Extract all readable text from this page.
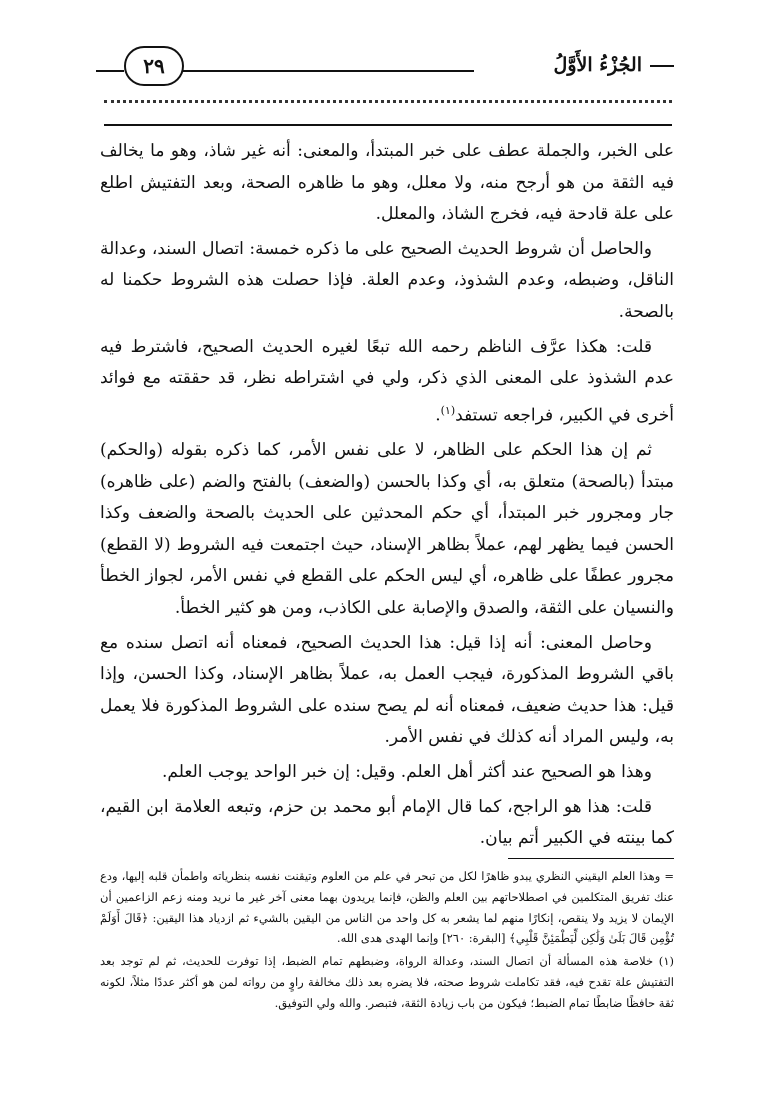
الجُزْءُ الأَوَّلُ
٢٩

على الخبر، والجملة عطف على خبر المبتدأ، والمعنى: أنه غير شاذ، وهو ما يخالف فيه الثقة من هو أرجح منه، ولا معلل، وهو ما ظاهره الصحة، وبعد التفتيش اطلع على علة قادحة فيه، فخرج الشاذ، والمعلل.

والحاصل أن شروط الحديث الصحيح على ما ذكره خمسة: اتصال السند، وعدالة الناقل، وضبطه، وعدم الشذوذ، وعدم العلة. فإذا حصلت هذه الشروط حكمنا له بالصحة.

قلت: هكذا عرَّف الناظم رحمه الله تبعًا لغيره الحديث الصحيح، فاشترط فيه عدم الشذوذ على المعنى الذي ذكر، ولي في اشتراطه نظر، قد حققته مع فوائد أخرى في الكبير، فراجعه تستفد$^{(١)}$.

ثم إن هذا الحكم على الظاهر، لا على نفس الأمر، كما ذكره بقوله (والحكم) مبتدأ (بالصحة) متعلق به، أي وكذا بالحسن (والضعف) بالفتح والضم (على ظاهره) جار ومجرور خبر المبتدأ، أي حكم المحدثين على الحديث بالصحة والضعف وكذا الحسن فيما يظهر لهم، عملاً بظاهر الإسناد، حيث اجتمعت فيه الشروط (لا القطع) مجرور عطفًا على ظاهره، أي ليس الحكم على القطع في نفس الأمر، لجواز الخطأ والنسيان على الثقة، والصدق والإصابة على الكاذب، ومن هو كثير الخطأ.

وحاصل المعنى: أنه إذا قيل: هذا الحديث الصحيح، فمعناه أنه اتصل سنده مع باقي الشروط المذكورة، فيجب العمل به، عملاً بظاهر الإسناد، وكذا الحسن، وإذا قيل: هذا حديث ضعيف، فمعناه أنه لم يصح سنده على الشروط المذكورة فلا يعمل به، وليس المراد أنه كذلك في نفس الأمر.

وهذا هو الصحيح عند أكثر أهل العلم. وقيل: إن خبر الواحد يوجب العلم.

قلت: هذا هو الراجح، كما قال الإمام أبو محمد بن حزم، وتبعه العلامة ابن القيم، كما بينته في الكبير أتم بيان.

= وهذا العلم اليقيني النظري يبدو ظاهرًا لكل من تبحر في علم من العلوم وتيقنت نفسه بنظرياته واطمأن قلبه إليها، ودع عنك تفريق المتكلمين في اصطلاحاتهم بين العلم والظن، فإنما يريدون بهما معنى آخر غير ما نريد ومنه زعم الزاعمين أن الإيمان لا يزيد ولا ينقص، إنكارًا منهم لما يشعر به كل واحد من الناس من اليقين بالشيء ثم ازدياد هذا اليقين: ﴿قَالَ أَوَلَمْ تُؤْمِن قَالَ بَلَىٰ وَلَٰكِن لِّيَطْمَئِنَّ قَلْبِي﴾ [البقرة: ٢٦٠] وإنما الهدى هدى الله.

(١) خلاصة هذه المسألة أن اتصال السند، وعدالة الرواة، وضبطهم تمام الضبط، إذا توفرت للحديث، ثم لم توجد بعد التفتيش علة تقدح فيه، فقد تكاملت شروط صحته، فلا يضره بعد ذلك مخالفة راوٍ من رواته لمن هو أكثر عددًا مثلاً، لكونه ثقة حافظًا ضابطًا تمام الضبط؛ فيكون من باب زيادة الثقة، فتبصر. والله ولي التوفيق.
